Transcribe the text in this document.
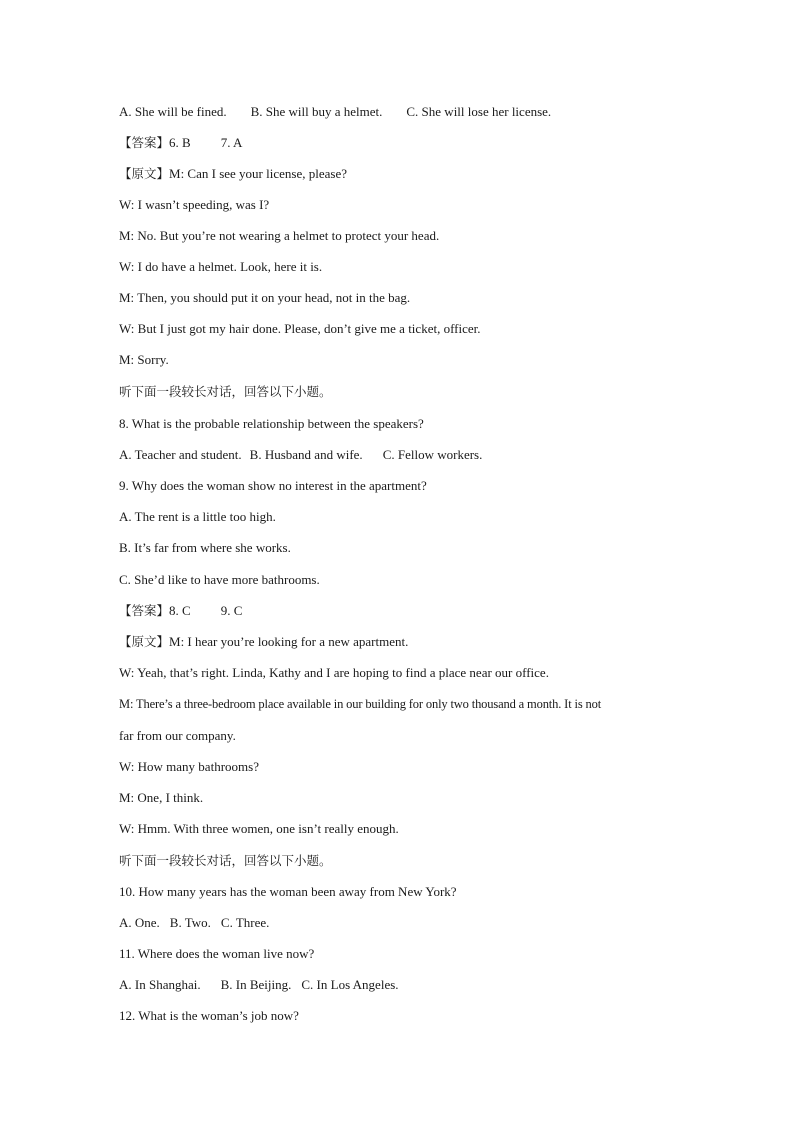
A. She will be fined. B. She will buy a helmet. C. She will lose her license.
【答案】6. B 7. A
【原文】M: Can I see your license, please?
W: I wasn’t speeding, was I?
M: No. But you’re not wearing a helmet to protect your head.
W: I do have a helmet. Look, here it is.
M: Then, you should put it on your head, not in the bag.
W: But I just got my hair done. Please, don’t give me a ticket, officer.
M: Sorry.
听下面一段较长对话，回答以下小题。
8. What is the probable relationship between the speakers?
A. Teacher and student. B. Husband and wife. C. Fellow workers.
9. Why does the woman show no interest in the apartment?
A. The rent is a little too high.
B. It’s far from where she works.
C. She’d like to have more bathrooms.
【答案】8. C 9. C
【原文】M: I hear you’re looking for a new apartment.
W: Yeah, that’s right. Linda, Kathy and I are hoping to find a place near our office.
M: There’s a three-bedroom place available in our building for only two thousand a month. It is not
far from our company.
W: How many bathrooms?
M: One, I think.
W: Hmm. With three women, one isn’t really enough.
听下面一段较长对话，回答以下小题。
10. How many years has the woman been away from New York?
A. One. B. Two. C. Three.
11. Where does the woman live now?
A. In Shanghai. B. In Beijing. C. In Los Angeles.
12. What is the woman’s job now?
